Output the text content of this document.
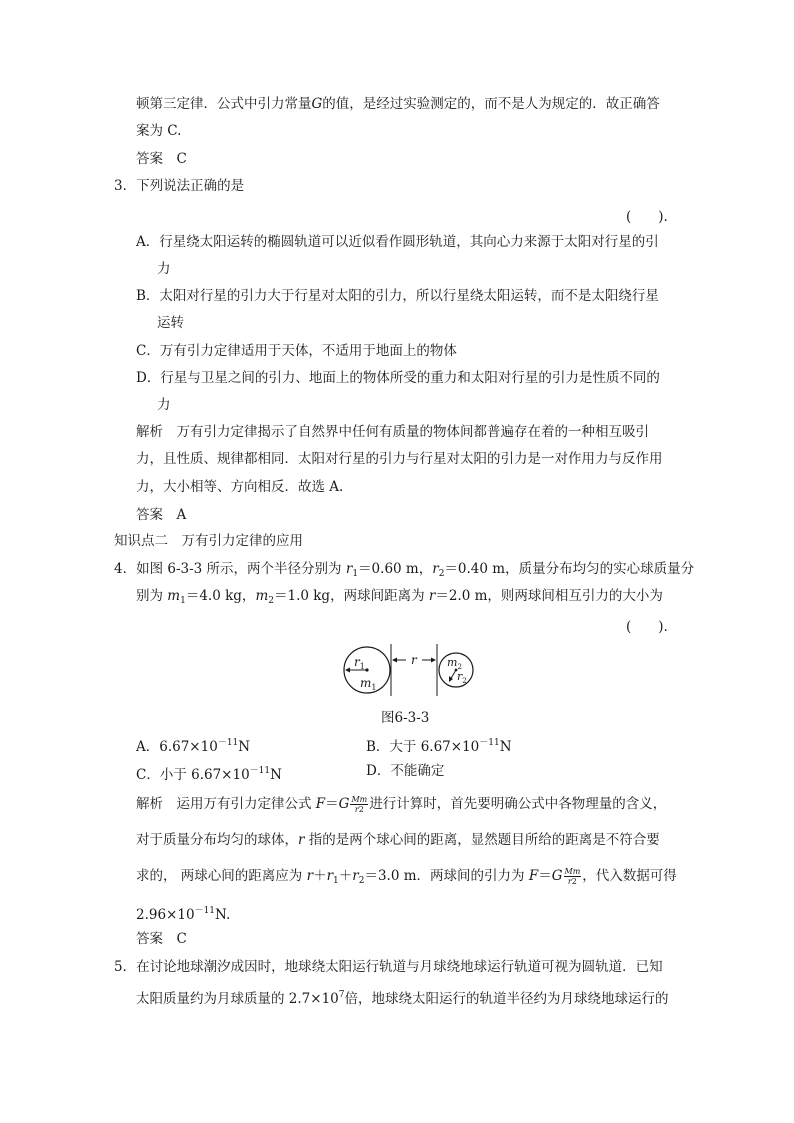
顿第三定律．公式中引力常量G的值，是经过实验测定的，而不是人为规定的．故正确答
案为 C.
答案　C
3．下列说法正确的是
(　　).
A．行星绕太阳运转的椭圆轨道可以近似看作圆形轨道，其向心力来源于太阳对行星的引
力
B．太阳对行星的引力大于行星对太阳的引力，所以行星绕太阳运转，而不是太阳绕行星
运转
C．万有引力定律适用于天体，不适用于地面上的物体
D．行星与卫星之间的引力、地面上的物体所受的重力和太阳对行星的引力是性质不同的
力
解析　万有引力定律揭示了自然界中任何有质量的物体间都普遍存在着的一种相互吸引
力，且性质、规律都相同．太阳对行星的引力与行星对太阳的引力是一对作用力与反作用
力，大小相等、方向相反．故选 A.
答案　A
知识点二　万有引力定律的应用
4．如图 6-3-3 所示，两个半径分别为 $r_1=0.60$ m，$r_2=0.40$ m，质量分布均匀的实心球质量分
别为 $m_1=4.0$ kg，$m_2=1.0$ kg，两球间距离为 r＝2.0 m，则两球间相互引力的大小为
(　　).
$r_1$
$m_1$
r	$m_2$
$r_2$
图6-3-3
A．$6.67\times 10^{-11}N$	B．大于 $6.67\times 10^{-11}N$
C．小于 $6.67\times 10^{-11}N$	D．不能确定
解析　运用万有引力定律公式 $F=G \frac{Mm}{r2}$ 进行计算时，首先要明确公式中各物理量的含义，
对于质量分布均匀的球体，r 指的是两个球心间的距离，显然题目所给的距离是不符合要
求的， 两球心间的距离应为 $r+r_1+r_2=3.0$ m．两球间的引力为 $F=G \frac{Mm}{r2}$ ，代入数据可得
$2.96\times 10^{-11}N$.
答案　C
5．在讨论地球潮汐成因时，地球绕太阳运行轨道与月球绕地球运行轨道可视为圆轨道．已知
太阳质量约为月球质量的 $2.7\times 10^7$倍，地球绕太阳运行的轨道半径约为月球绕地球运行的
